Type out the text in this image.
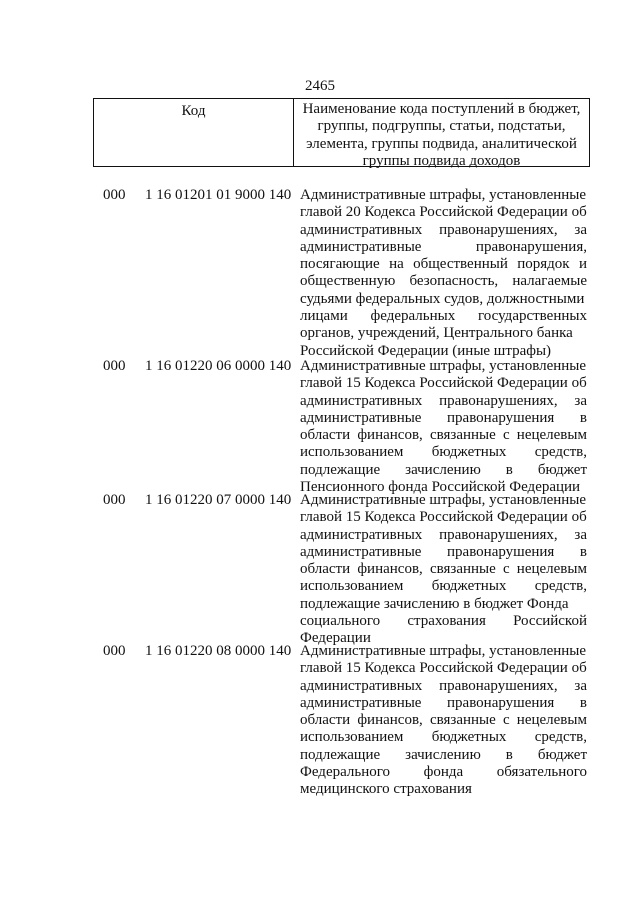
2465
Код	Наименование кода поступлений в бюджет,
группы, подгруппы, статьи, подстатьи,
элемента, группы подвида, аналитической
группы подвида доходов
000	1 16 01201 01 9000 140 Административные штрафы, установленные
главой 20 Кодекса Российской Федерации об
административных правонарушениях, за
административные	правонарушения,
посягающие на общественный порядок и
общественную безопасность, налагаемые
судьями федеральных судов, должностными
лицами федеральных государственных
органов, учреждений, Центрального банка
Российской Федерации (иные штрафы)
000	1 16 01220 06 0000 140 Административные штрафы, установленные
главой 15 Кодекса Российской Федерации об
административных правонарушениях, за
административные правонарушения в
области финансов, связанные с нецелевым
использованием бюджетных средств,
подлежащие зачислению в бюджет
Пенсионного фонда Российской Федерации
000	1 16 01220 07 0000 140 Административные штрафы, установленные
главой 15 Кодекса Российской Федерации об
административных правонарушениях, за
административные правонарушения в
области финансов, связанные с нецелевым
использованием бюджетных средств,
подлежащие зачислению в бюджет Фонда
социального страхования Российской
Федерации
000	1 16 01220 08 0000 140 Административные штрафы, установленные
главой 15 Кодекса Российской Федерации об
административных правонарушениях, за
административные правонарушения в
области финансов, связанные с нецелевым
использованием бюджетных средств,
подлежащие зачислению в бюджет
Федерального фонда обязательного
медицинского страхования
